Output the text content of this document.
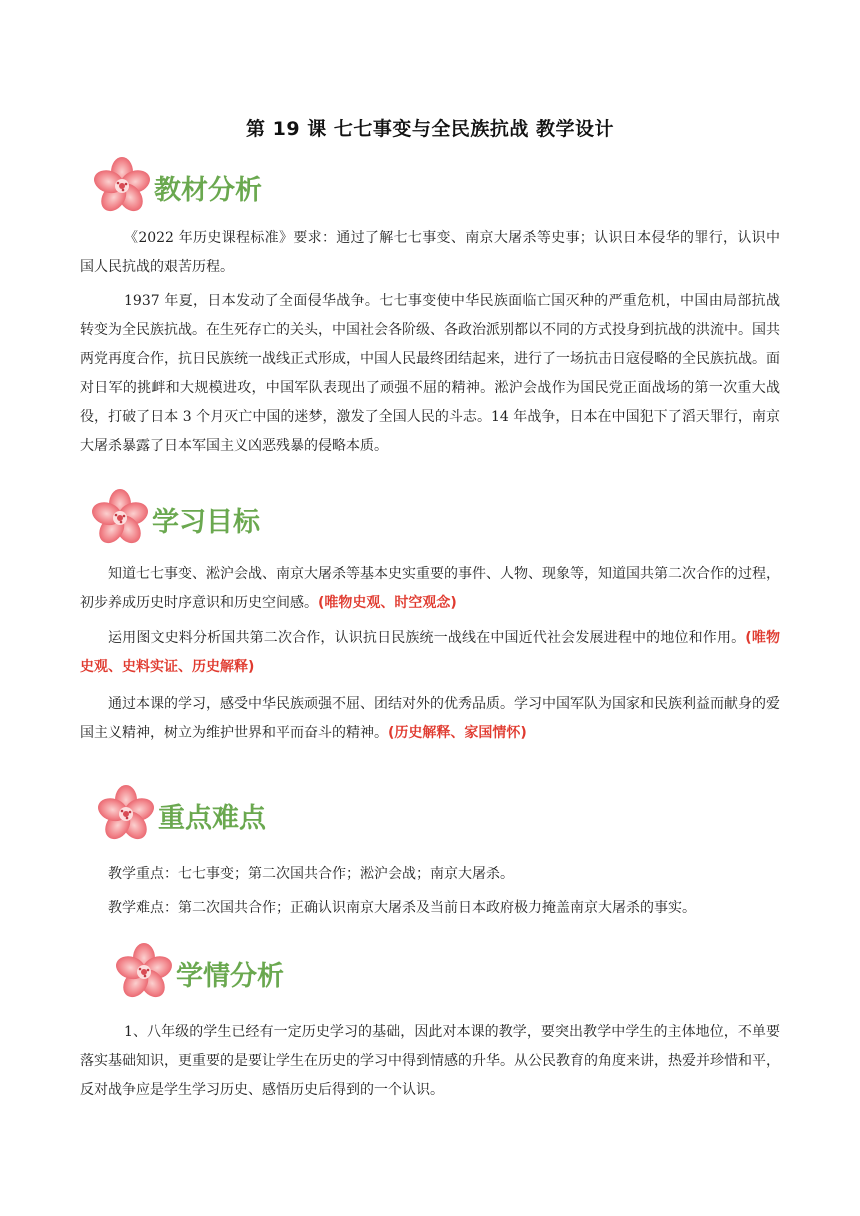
第 19 课 七七事变与全民族抗战 教学设计
教材分析

《2022 年历史课程标准》要求：通过了解七七事变、南京大屠杀等史事；认识日本侵华的罪行，认识中国人民抗战的艰苦历程。

1937 年夏，日本发动了全面侵华战争。七七事变使中华民族面临亡国灭种的严重危机，中国由局部抗战转变为全民族抗战。在生死存亡的关头，中国社会各阶级、各政治派别都以不同的方式投身到抗战的洪流中。国共两党再度合作，抗日民族统一战线正式形成，中国人民最终团结起来，进行了一场抗击日寇侵略的全民族抗战。面对日军的挑衅和大规模进攻，中国军队表现出了顽强不屈的精神。淞沪会战作为国民党正面战场的第一次重大战役，打破了日本 3 个月灭亡中国的迷梦，激发了全国人民的斗志。14 年战争，日本在中国犯下了滔天罪行，南京大屠杀暴露了日本军国主义凶恶残暴的侵略本质。

学习目标

知道七七事变、淞沪会战、南京大屠杀等基本史实重要的事件、人物、现象等，知道国共第二次合作的过程，初步养成历史时序意识和历史空间感。(唯物史观、时空观念)

运用图文史料分析国共第二次合作，认识抗日民族统一战线在中国近代社会发展进程中的地位和作用。(唯物史观、史料实证、历史解释)

通过本课的学习，感受中华民族顽强不屈、团结对外的优秀品质。学习中国军队为国家和民族利益而献身的爱国主义精神，树立为维护世界和平而奋斗的精神。(历史解释、家国情怀)

重点难点

教学重点：七七事变；第二次国共合作；淞沪会战；南京大屠杀。

教学难点：第二次国共合作；正确认识南京大屠杀及当前日本政府极力掩盖南京大屠杀的事实。

学情分析

1、八年级的学生已经有一定历史学习的基础，因此对本课的教学，要突出教学中学生的主体地位，不单要落实基础知识，更重要的是要让学生在历史的学习中得到情感的升华。从公民教育的角度来讲，热爱并珍惜和平，反对战争应是学生学习历史、感悟历史后得到的一个认识。
